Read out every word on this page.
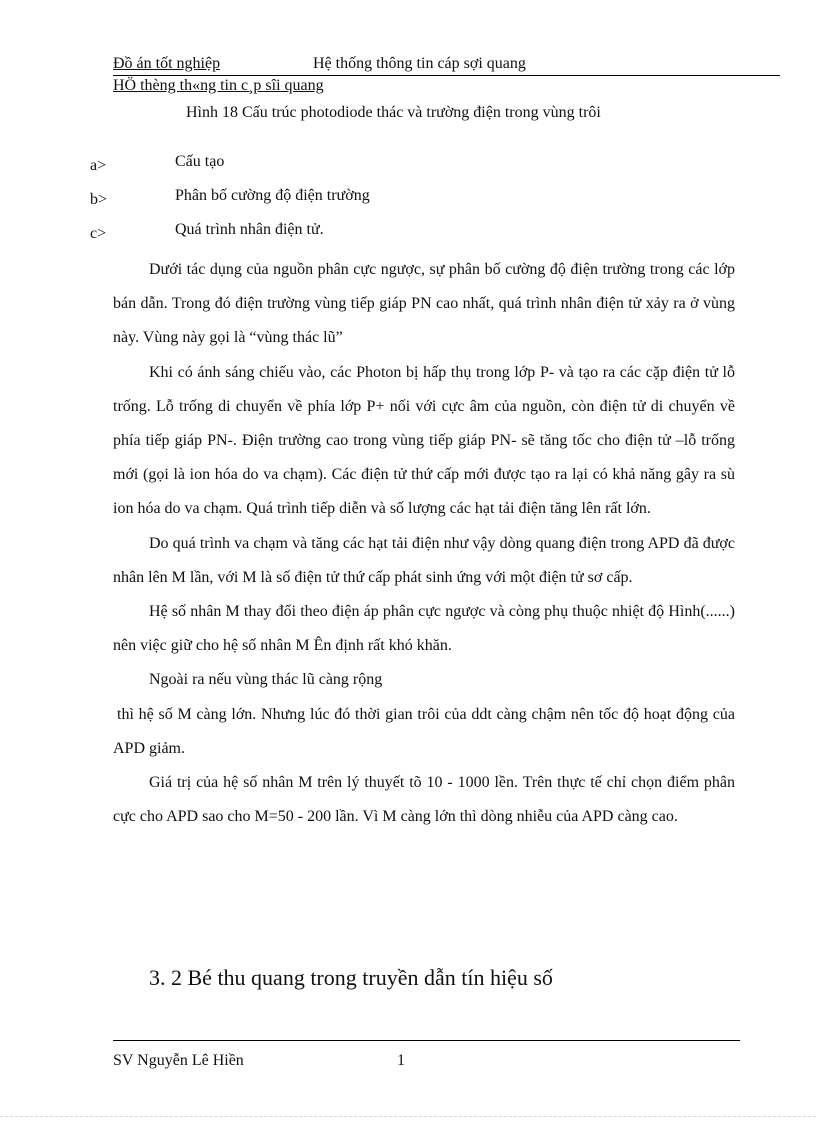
Đồ án tốt nghiệp	Hệ thống thông tin cáp sợi quang
HÖ thèng th«ng tin c¸p sîi quang
Hình 18 Cấu trúc photodiode thác và trường điện trong vùng trôi
a>	Cấu tạo
b>	Phân bố cường độ điện trường
c>	Quá trình nhân điện tử.

Dưới tác dụng của nguồn phân cực ngược, sự phân bố cường độ điện trường trong các lớp bán dẫn. Trong đó điện trường vùng tiếp giáp PN cao nhất, quá trình nhân điện tử xảy ra ở vùng này. Vùng này gọi là “vùng thác lũ”

Khi có ánh sáng chiếu vào, các Photon bị hấp thụ trong lớp P- và tạo ra các cặp điện tử lỗ trống. Lỗ trống di chuyển về phía lớp P+ nối với cực âm của nguồn, còn điện tử di chuyển về phía tiếp giáp PN-. Điện trường cao trong vùng tiếp giáp PN- sẽ tăng tốc cho điện tử –lỗ trống mới (gọi là ion hóa do va chạm). Các điện tử thứ cấp mới được tạo ra lại có khả năng gây ra sù ion hóa do va chạm. Quá trình tiếp diễn và số lượng các hạt tải điện tăng lên rất lớn.

Do quá trình va chạm và tăng các hạt tải điện như vậy dòng quang điện trong APD đã được nhân lên M lần, với M là số điện tử thứ cấp phát sinh ứng với một điện tử sơ cấp.

Hệ số nhân M thay đổi theo điện áp phân cực ngược và còng phụ thuộc nhiệt độ Hình(......) nên việc giữ cho hệ số nhân M Ên định rất khó khăn.

Ngoài ra nếu vùng thác lũ càng rộng

thì hệ số M càng lớn. Nhưng lúc đó thời gian trôi của ddt càng chậm nên tốc độ hoạt động của APD giảm.

Giá trị của hệ số nhân M trên lý thuyết tõ 10 - 1000 lền. Trên thực tế chỉ chọn điểm phân cực cho APD sao cho M=50 - 200 lần. Vì M càng lớn thì dòng nhiễu của APD càng cao.

3. 2 Bé thu quang trong truyền dẫn tín hiệu số
SV Nguyễn Lê Hiền	1
